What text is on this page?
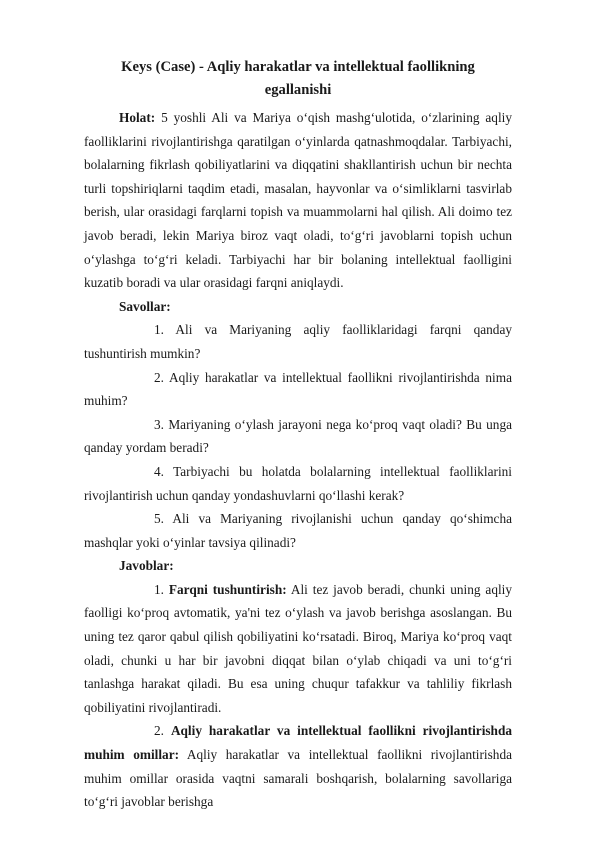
Keys (Case) - Aqliy harakatlar va intellektual faollikning
egallanishi

Holat: 5 yoshli Ali va Mariya o‘qish mashg‘ulotida, o‘zlarining aqliy faolliklarini rivojlantirishga qaratilgan o‘yinlarda qatnashmoqdalar. Tarbiyachi, bolalarning fikrlash qobiliyatlarini va diqqatini shakllantirish uchun bir nechta turli topshiriqlarni taqdim etadi, masalan, hayvonlar va o‘simliklarni tasvirlab berish, ular orasidagi farqlarni topish va muammolarni hal qilish. Ali doimo tez javob beradi, lekin Mariya biroz vaqt oladi, to‘g‘ri javoblarni topish uchun o‘ylashga to‘g‘ri keladi. Tarbiyachi har bir bolaning intellektual faolligini kuzatib boradi va ular orasidagi farqni aniqlaydi.

Savollar:

1. Ali va Mariyaning aqliy faolliklaridagi farqni qanday tushuntirish mumkin?

2. Aqliy harakatlar va intellektual faollikni rivojlantirishda nima muhim?

3. Mariyaning o‘ylash jarayoni nega ko‘proq vaqt oladi? Bu unga qanday yordam beradi?

4. Tarbiyachi bu holatda bolalarning intellektual faolliklarini rivojlantirish uchun qanday yondashuvlarni qo‘llashi kerak?

5. Ali va Mariyaning rivojlanishi uchun qanday qo‘shimcha mashqlar yoki o‘yinlar tavsiya qilinadi?

Javoblar:

1. Farqni tushuntirish: Ali tez javob beradi, chunki uning aqliy faolligi ko‘proq avtomatik, ya'ni tez o‘ylash va javob berishga asoslangan. Bu uning tez qaror qabul qilish qobiliyatini ko‘rsatadi. Biroq, Mariya ko‘proq vaqt oladi, chunki u har bir javobni diqqat bilan o‘ylab chiqadi va uni to‘g‘ri tanlashga harakat qiladi. Bu esa uning chuqur tafakkur va tahliliy fikrlash qobiliyatini rivojlantiradi.

2. Aqliy harakatlar va intellektual faollikni rivojlantirishda muhim omillar: Aqliy harakatlar va intellektual faollikni rivojlantirishda muhim omillar orasida vaqtni samarali boshqarish, bolalarning savollariga to‘g‘ri javoblar berishga
